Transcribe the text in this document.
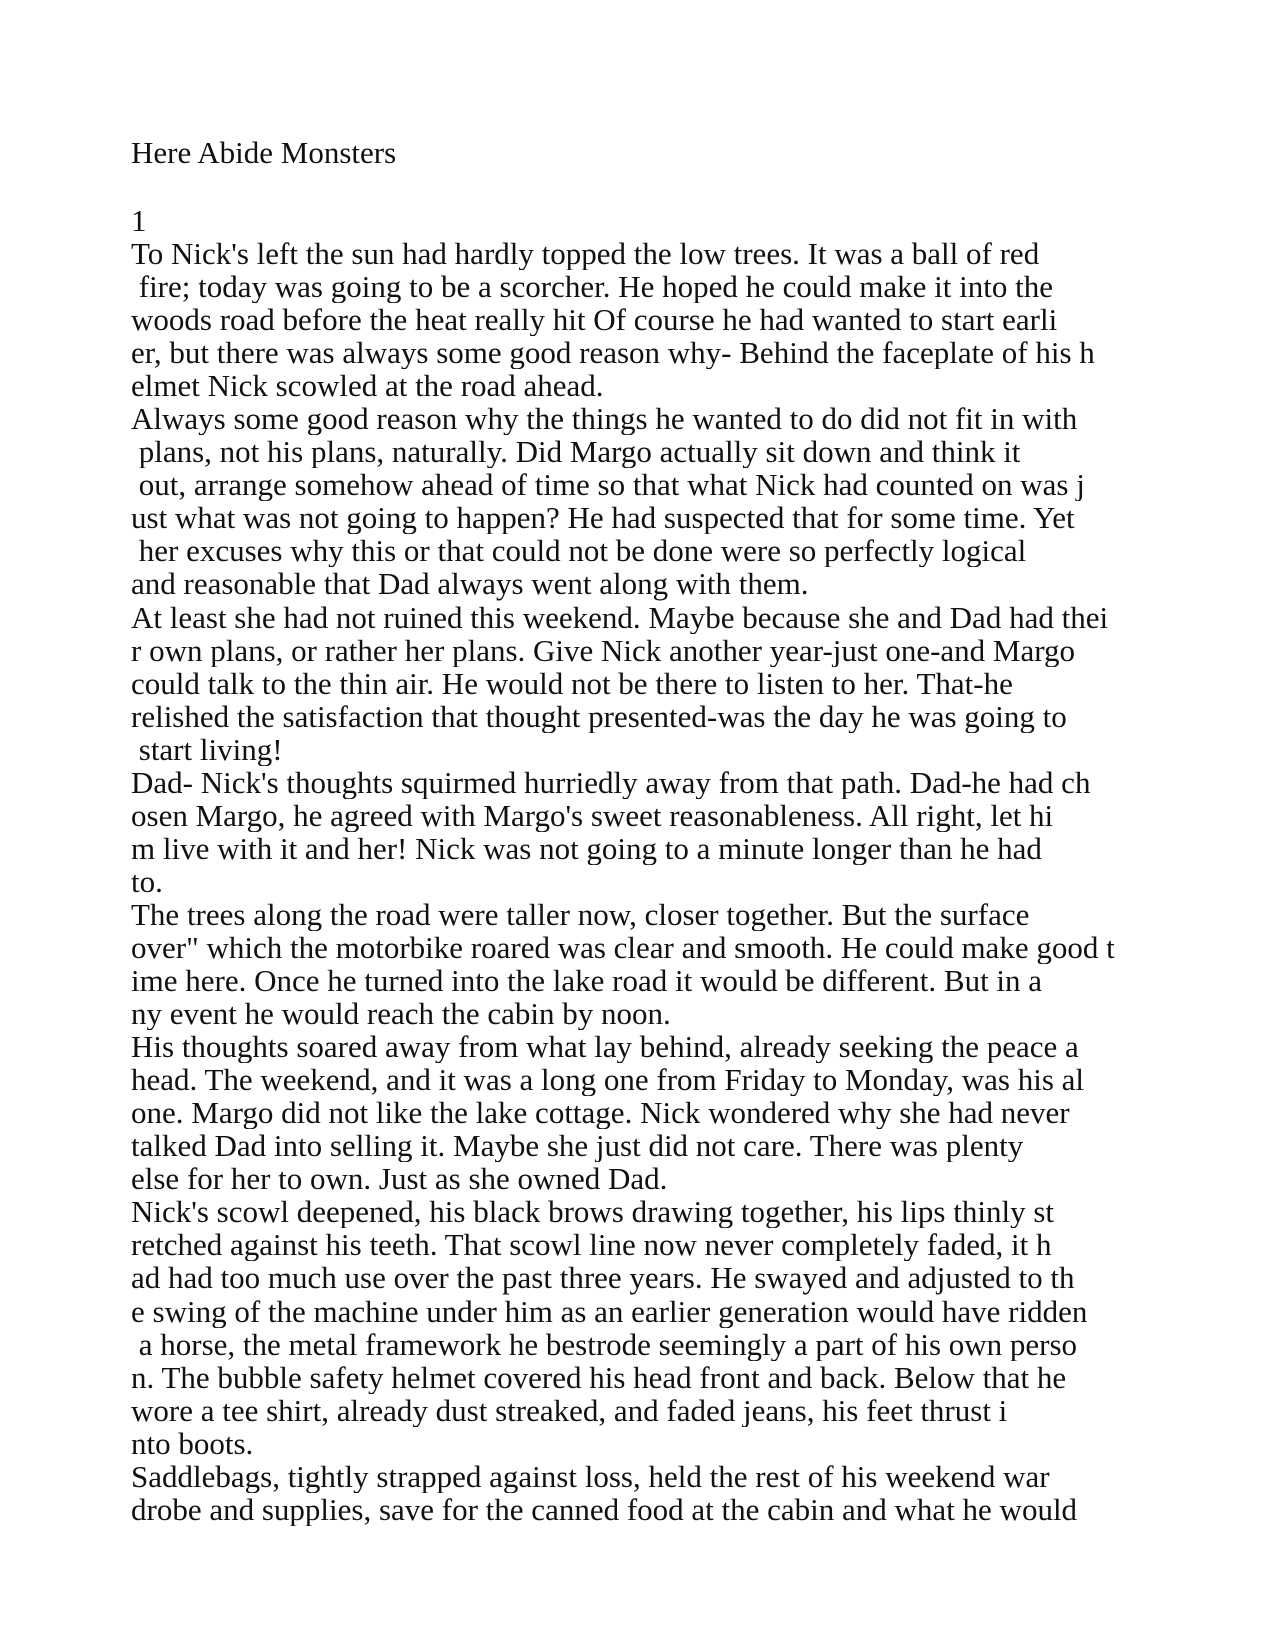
Here Abide Monsters
1
To Nick's left the sun had hardly topped the low trees. It was a ball of red
fire; today was going to be a scorcher. He hoped he could make it into the
woods road before the heat really hit Of course he had wanted to start earli
er, but there was always some good reason why- Behind the faceplate of his h
elmet Nick scowled at the road ahead.
Always some good reason why the things he wanted to do did not fit in with
plans, not his plans, naturally. Did Margo actually sit down and think it
out, arrange somehow ahead of time so that what Nick had counted on was j
ust what was not going to happen? He had suspected that for some time. Yet
her excuses why this or that could not be done were so perfectly logical
and reasonable that Dad always went along with them.
At least she had not ruined this weekend. Maybe because she and Dad had thei
r own plans, or rather her plans. Give Nick another year-just one-and Margo
could talk to the thin air. He would not be there to listen to her. That-he
relished the satisfaction that thought presented-was the day he was going to
start living!
Dad- Nick's thoughts squirmed hurriedly away from that path. Dad-he had ch
osen Margo, he agreed with Margo's sweet reasonableness. All right, let hi
m live with it and her! Nick was not going to a minute longer than he had
to.
The trees along the road were taller now, closer together. But the surface
over" which the motorbike roared was clear and smooth. He could make good t
ime here. Once he turned into the lake road it would be different. But in a
ny event he would reach the cabin by noon.
His thoughts soared away from what lay behind, already seeking the peace a
head. The weekend, and it was a long one from Friday to Monday, was his al
one. Margo did not like the lake cottage. Nick wondered why she had never
talked Dad into selling it. Maybe she just did not care. There was plenty
else for her to own. Just as she owned Dad.
Nick's scowl deepened, his black brows drawing together, his lips thinly st
retched against his teeth. That scowl line now never completely faded, it h
ad had too much use over the past three years. He swayed and adjusted to th
e swing of the machine under him as an earlier generation would have ridden
a horse, the metal framework he bestrode seemingly a part of his own perso
n. The bubble safety helmet covered his head front and back. Below that he
wore a tee shirt, already dust streaked, and faded jeans, his feet thrust i
nto boots.
Saddlebags, tightly strapped against loss, held the rest of his weekend war
drobe and supplies, save for the canned food at the cabin and what he would
